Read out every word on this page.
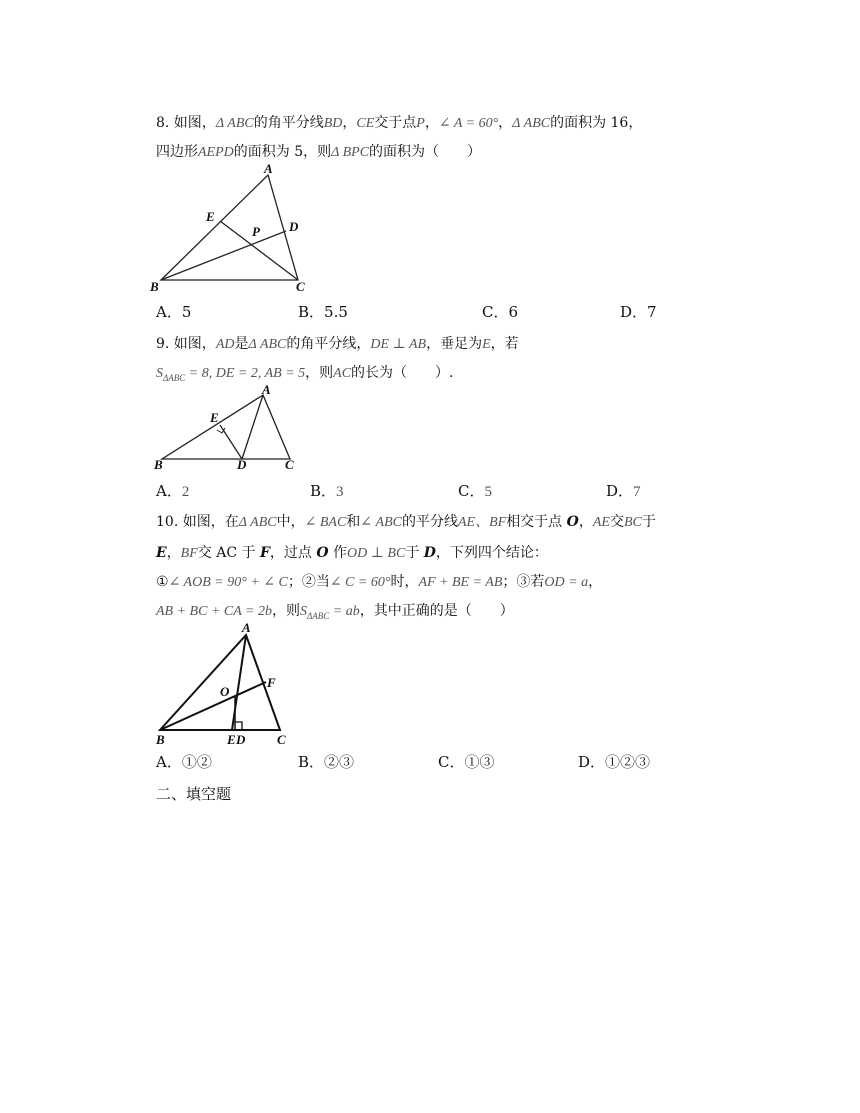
8. 如图，Δ ABC的角平分线BD，CE交于点P，∠ A = 60°，Δ ABC的面积为 16，
四边形AEPD的面积为 5，则Δ BPC的面积为（　　）
A
B	C
D
E
P
A．5	B．5.5	C．6	D．7
9. 如图，AD是Δ ABC的角平分线，DE ⊥ AB，垂足为E，若
$S_{\Delta ABC} = 8$, DE = 2, AB = 5，则AC的长为（　　）.
A
B	C
D
E
A．2	B．3	C．5	D．7
10. 如图，在Δ ABC中，∠ BAC和∠ ABC的平分线AE、BF相交于点 O，AE交BC于
E，BF交 AC 于 F，过点 O 作OD ⊥ BC于 D，下列四个结论：
①∠ AOB = 90° + ∠ C；②当∠ C = 60°时，AF + BE = AB；③若OD = a，
AB + BC + CA = 2b，则$S_{\Delta ABC}$ = ab，其中正确的是（　　）
A
B	C
E D
F
O
A．①②	B．②③	C．①③	D．①②③
二、填空题
